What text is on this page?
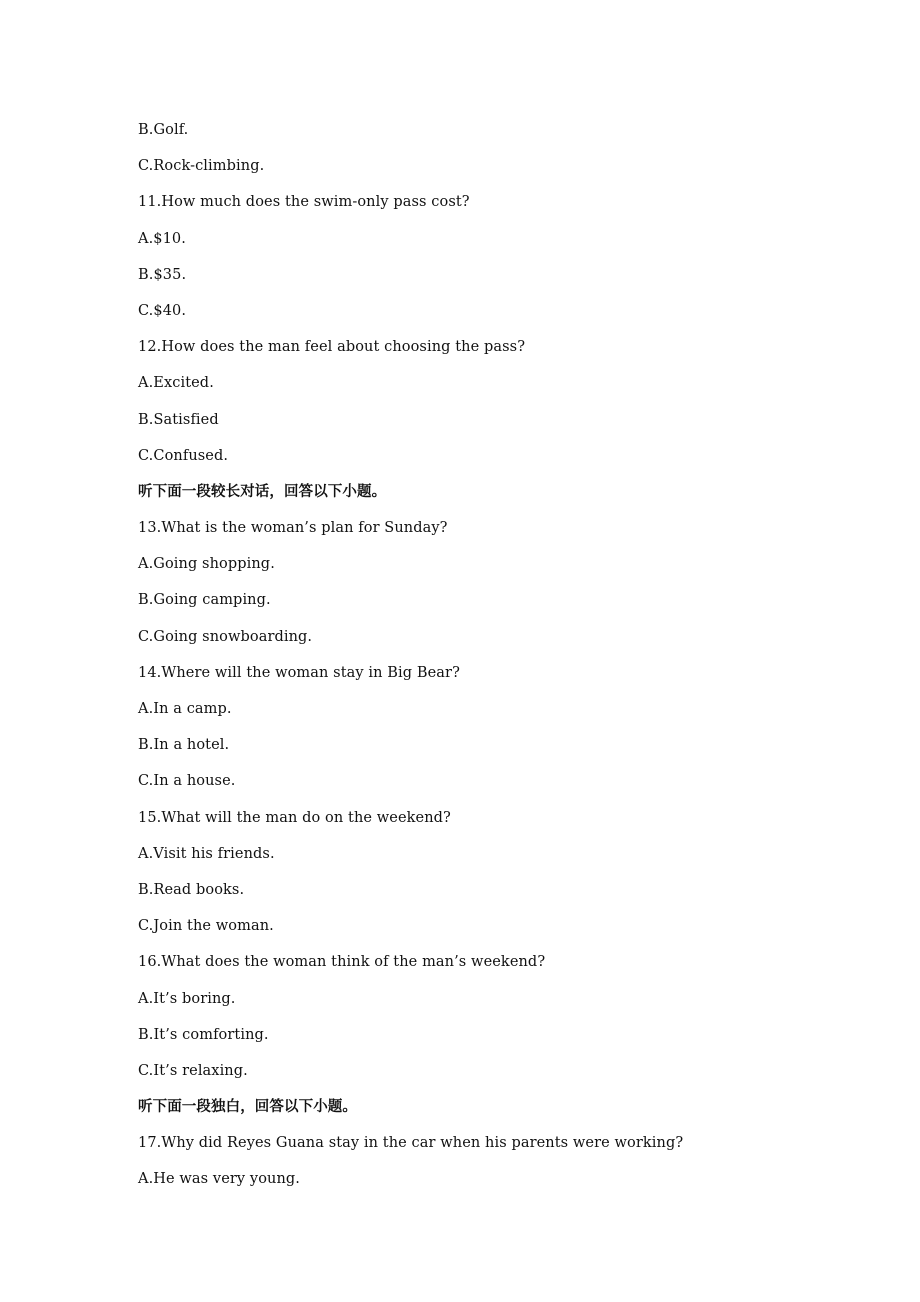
B.Golf.
C.Rock-climbing.
11.How much does the swim-only pass cost?
A.$10.
B.$35.
C.$40.
12.How does the man feel about choosing the pass?
A.Excited.
B.Satisfied
C.Confused.
听下面一段较长对话，回答以下小题。
13.What is the woman’s plan for Sunday?
A.Going shopping.
B.Going camping.
C.Going snowboarding.
14.Where will the woman stay in Big Bear?
A.In a camp.
B.In a hotel.
C.In a house.
15.What will the man do on the weekend?
A.Visit his friends.
B.Read books.
C.Join the woman.
16.What does the woman think of the man’s weekend?
A.It’s boring.
B.It’s comforting.
C.It’s relaxing.
听下面一段独白，回答以下小题。
17.Why did Reyes Guana stay in the car when his parents were working?
A.He was very young.
